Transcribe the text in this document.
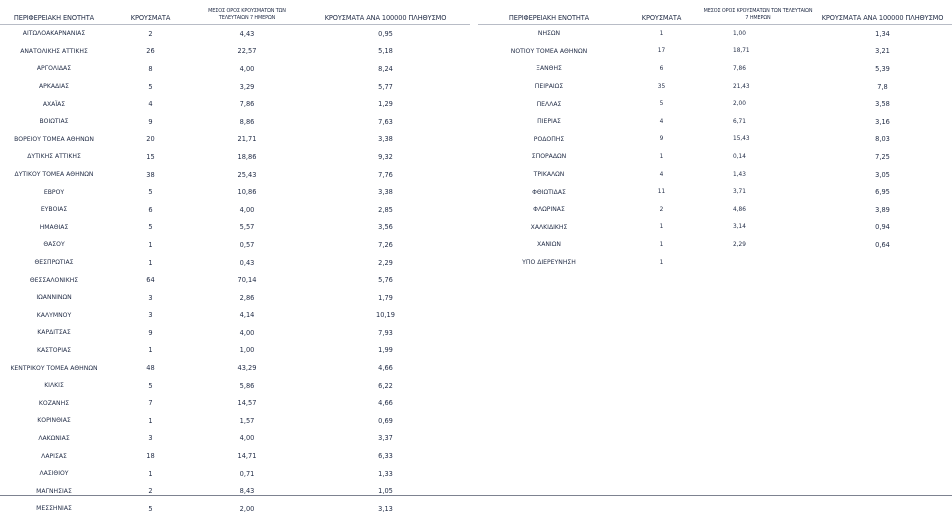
ΠΕΡΙΦΕΡΕΙΑΚΗ ΕΝΟΤΗΤΑ	ΚΡΟΥΣΜΑΤΑ	ΜΕΣΟΣ ΟΡΟΣ ΚΡΟΥΣΜΑΤΩΝ ΤΩΝ ΤΕΛΕΥΤΑΙΩΝ 7 ΗΜΕΡΩΝ	ΚΡΟΥΣΜΑΤΑ ΑΝΑ 100000 ΠΛΗΘΥΣΜΟ
ΑΙΤΩΛΟΑΚΑΡΝΑΝΙΑΣ	2	4,43	0,95
ΑΝΑΤΟΛΙΚΗΣ ΑΤΤΙΚΗΣ	26	22,57	5,18
ΑΡΓΟΛΙΔΑΣ	8	4,00	8,24
ΑΡΚΑΔΙΑΣ	5	3,29	5,77
ΑΧΑΪΑΣ	4	7,86	1,29
ΒΟΙΩΤΙΑΣ	9	8,86	7,63
ΒΟΡΕΙΟΥ ΤΟΜΕΑ ΑΘΗΝΩΝ	20	21,71	3,38
ΔΥΤΙΚΗΣ ΑΤΤΙΚΗΣ	15	18,86	9,32
ΔΥΤΙΚΟΥ ΤΟΜΕΑ ΑΘΗΝΩΝ	38	25,43	7,76
ΕΒΡΟΥ	5	10,86	3,38
ΕΥΒΟΙΑΣ	6	4,00	2,85
ΗΜΑΘΙΑΣ	5	5,57	3,56
ΘΑΣΟΥ	1	0,57	7,26
ΘΕΣΠΡΩΤΙΑΣ	1	0,43	2,29
ΘΕΣΣΑΛΟΝΙΚΗΣ	64	70,14	5,76
ΙΩΑΝΝΙΝΩΝ	3	2,86	1,79
ΚΑΛΥΜΝΟΥ	3	4,14	10,19
ΚΑΡΔΙΤΣΑΣ	9	4,00	7,93
ΚΑΣΤΟΡΙΑΣ	1	1,00	1,99
ΚΕΝΤΡΙΚΟΥ ΤΟΜΕΑ ΑΘΗΝΩΝ	48	43,29	4,66
ΚΙΛΚΙΣ	5	5,86	6,22
ΚΟΖΑΝΗΣ	7	14,57	4,66
ΚΟΡΙΝΘΙΑΣ	1	1,57	0,69
ΛΑΚΩΝΙΑΣ	3	4,00	3,37
ΛΑΡΙΣΑΣ	18	14,71	6,33
ΛΑΣΙΘΙΟΥ	1	0,71	1,33
ΜΑΓΝΗΣΙΑΣ	2	8,43	1,05
ΜΕΣΣΗΝΙΑΣ	5	2,00	3,13
ΠΕΡΙΦΕΡΕΙΑΚΗ ΕΝΟΤΗΤΑ	ΚΡΟΥΣΜΑΤΑ	ΜΕΣΟΣ ΟΡΟΣ ΚΡΟΥΣΜΑΤΩΝ ΤΩΝ ΤΕΛΕΥΤΑΙΩΝ 7 ΗΜΕΡΩΝ	ΚΡΟΥΣΜΑΤΑ ΑΝΑ 100000 ΠΛΗΘΥΣΜΟ
ΝΗΣΩΝ	1	1,00	1,34
ΝΟΤΙΟΥ ΤΟΜΕΑ ΑΘΗΝΩΝ	17	18,71	3,21
ΞΑΝΘΗΣ	6	7,86	5,39
ΠΕΙΡΑΙΩΣ	35	21,43	7,8
ΠΕΛΛΑΣ	5	2,00	3,58
ΠΙΕΡΙΑΣ	4	6,71	3,16
ΡΟΔΟΠΗΣ	9	15,43	8,03
ΣΠΟΡΑΔΩΝ	1	0,14	7,25
ΤΡΙΚΑΛΩΝ	4	1,43	3,05
ΦΘΙΩΤΙΔΑΣ	11	3,71	6,95
ΦΛΩΡΙΝΑΣ	2	4,86	3,89
ΧΑΛΚΙΔΙΚΗΣ	1	3,14	0,94
ΧΑΝΙΩΝ	1	2,29	0,64
ΥΠΟ ΔΙΕΡΕΥΝΗΣΗ	1		
